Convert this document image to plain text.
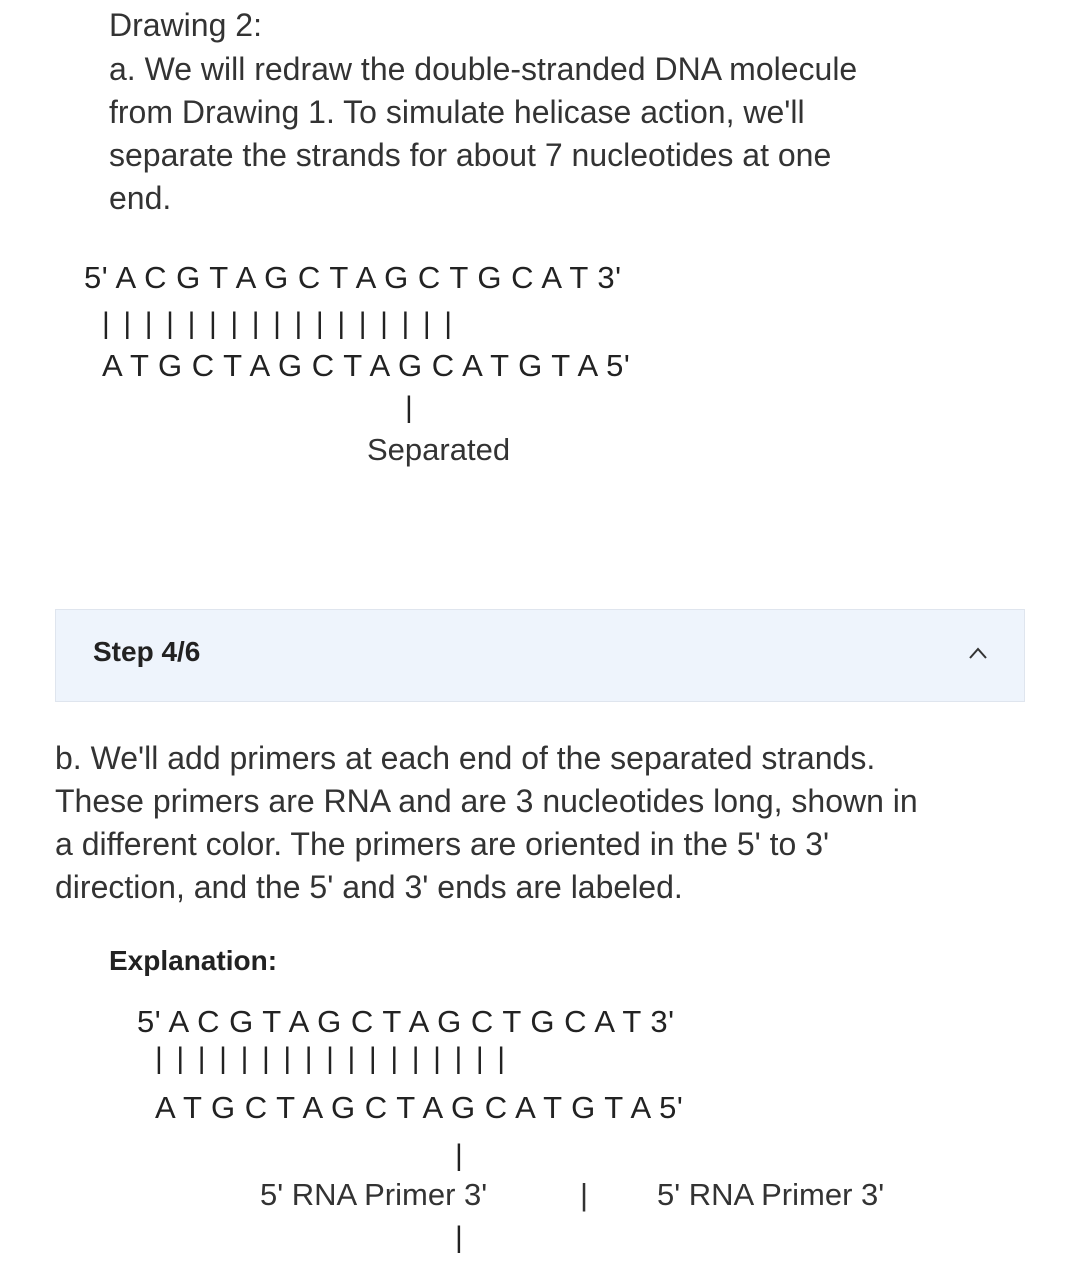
Drawing 2:
a. We will redraw the double-stranded DNA molecule
from Drawing 1. To simulate helicase action, we'll
separate the strands for about 7 nucleotides at one
end.
5' A C G T A G C T A G C T G C A T 3'
|||||||||||||||||
A T G C T A G C T A G C A T G T A 5'
|
Separated
Step 4/6
b. We'll add primers at each end of the separated strands.
These primers are RNA and are 3 nucleotides long, shown in
a different color. The primers are oriented in the 5' to 3'
direction, and the 5' and 3' ends are labeled.
Explanation:
5' A C G T A G C T A G C T G C A T 3'
|||||||||||||||||
A T G C T A G C T A G C A T G T A 5'
|
5' RNA Primer 3'	| 5' RNA Primer 3'
|
